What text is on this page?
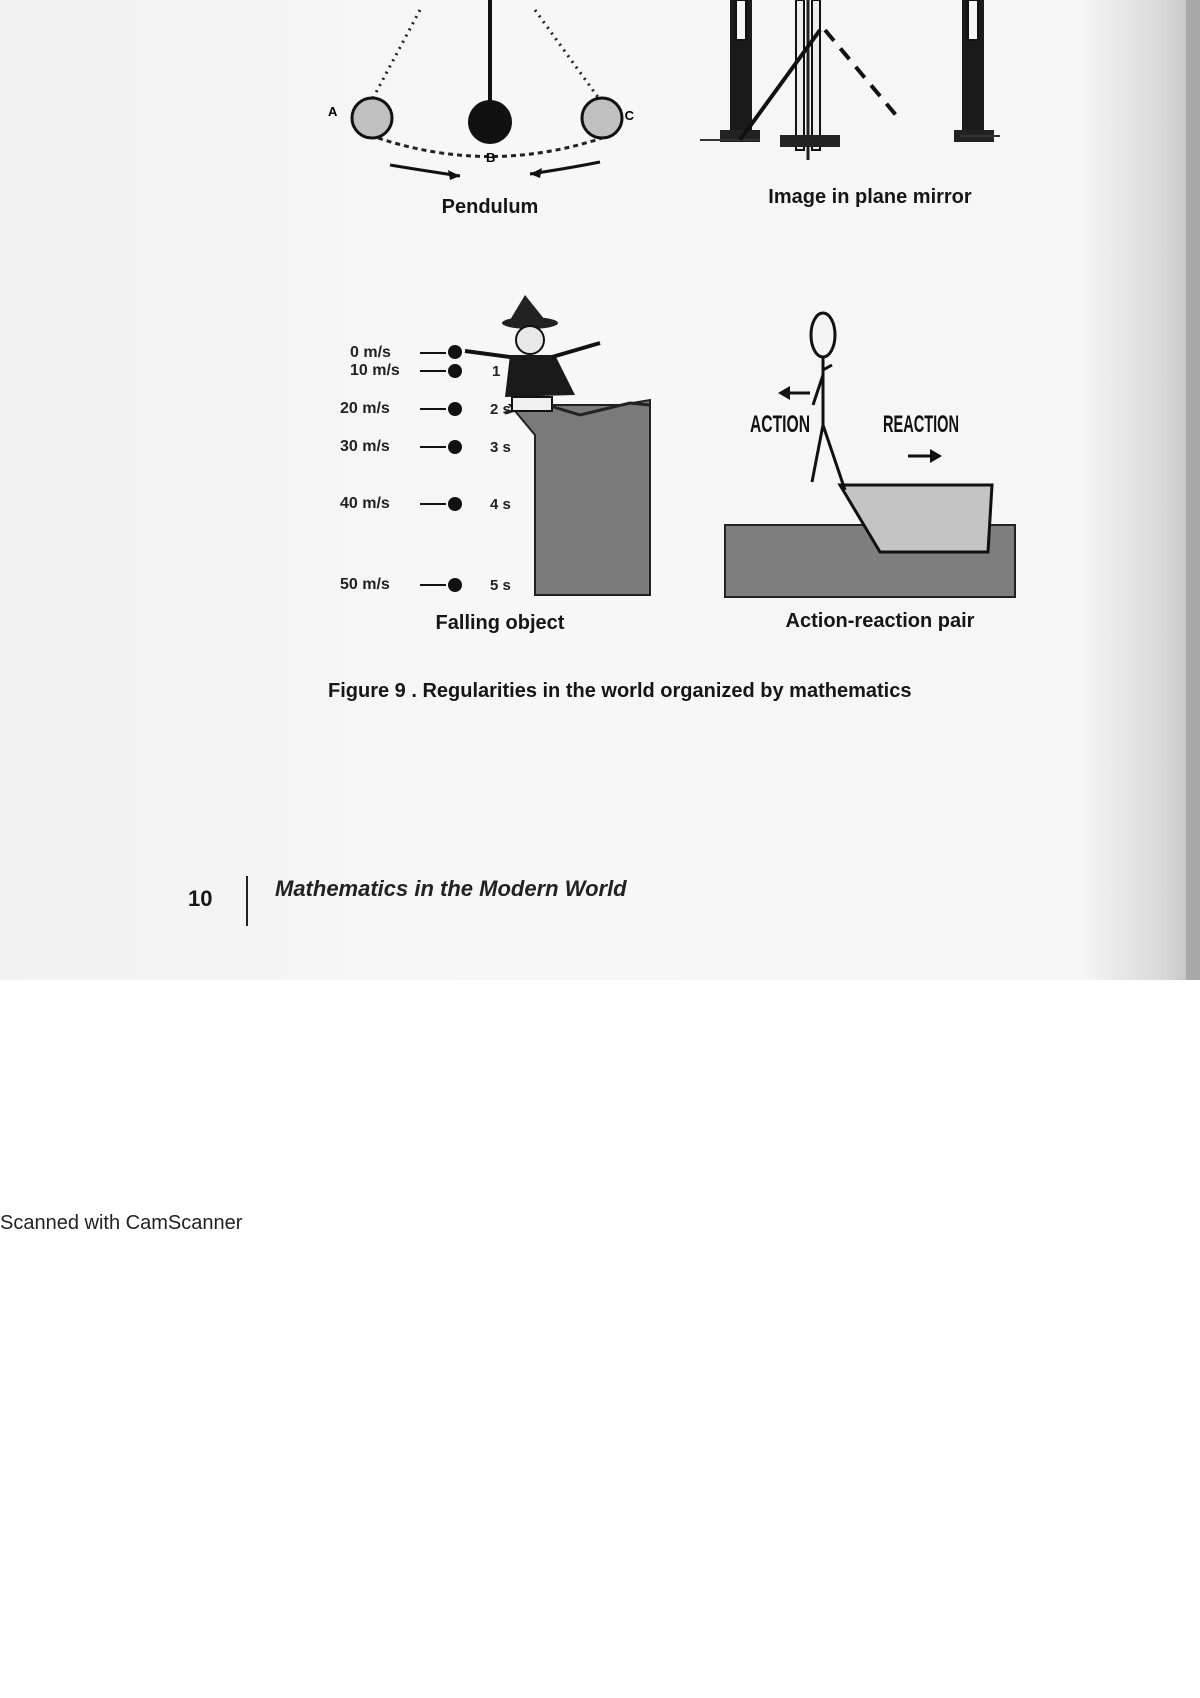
A
B
C
Pendulum	Image in plane mirror
0 m/s
10 m/s	1
20 m/s	2 s
30 m/s	3 s
40 m/s	4 s
50 m/s	5 s
Falling object
ACTION	REACTION
Action-reaction pair
Figure 9 . Regularities in the world organized by mathematics
10	Mathematics in the Modern World
Scanned with CamScanner
